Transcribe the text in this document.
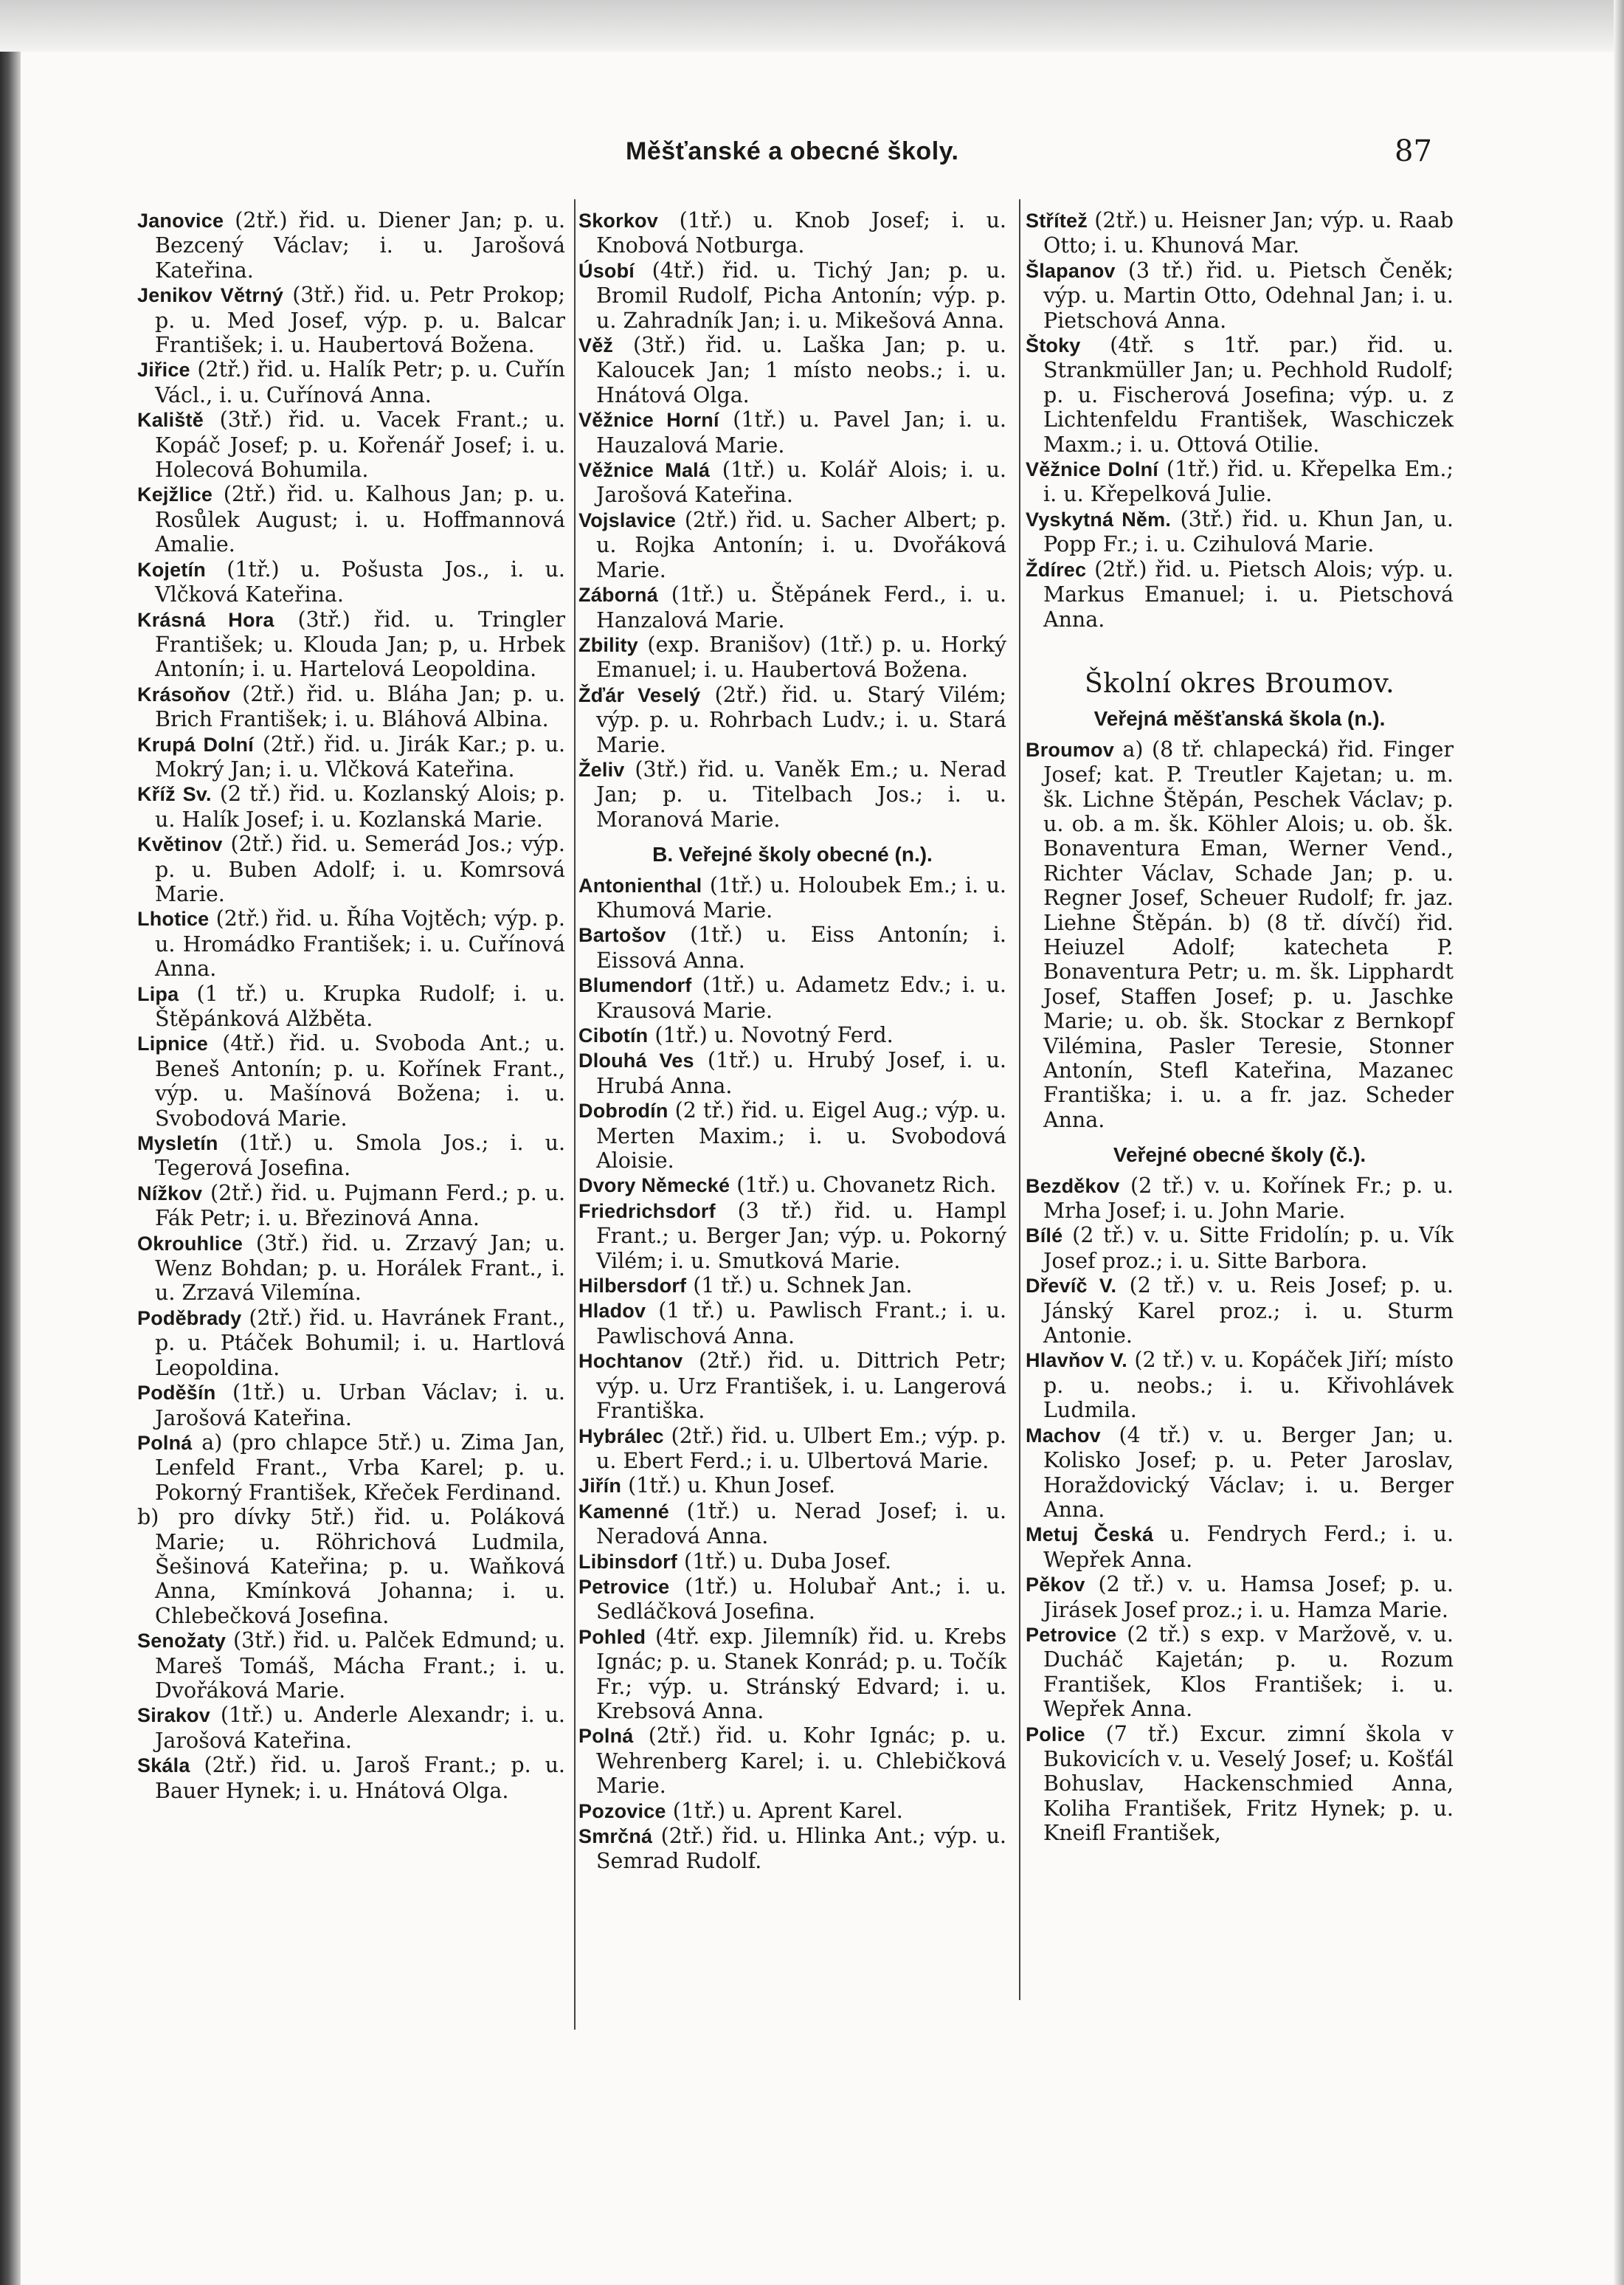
Měšťanské a obecné školy.	87

Janovice (2tř.) řid. u. Diener Jan; p. u. Bezcený Václav; i. u. Jarošová Kateřina.

Jenikov Větrný (3tř.) řid. u. Petr Prokop; p. u. Med Josef, výp. p. u. Balcar František; i. u. Haubertová Božena.

Jiřice (2tř.) řid. u. Halík Petr; p. u. Cuřín Václ., i. u. Cuřínová Anna.

Kaliště (3tř.) řid. u. Vacek Frant.; u. Kopáč Josef; p. u. Kořenář Josef; i. u. Holecová Bohumila.

Kejžlice (2tř.) řid. u. Kalhous Jan; p. u. Rosůlek August; i. u. Hoffmannová Amalie.

Kojetín (1tř.) u. Pošusta Jos., i. u. Vlčková Kateřina.

Krásná Hora (3tř.) řid. u. Tringler František; u. Klouda Jan; p, u. Hrbek Antonín; i. u. Hartelová Leopoldina.

Krásoňov (2tř.) řid. u. Bláha Jan; p. u. Brich František; i. u. Bláhová Albina.

Krupá Dolní (2tř.) řid. u. Jirák Kar.; p. u. Mokrý Jan; i. u. Vlčková Kateřina.

Kříž Sv. (2 tř.) řid. u. Kozlanský Alois; p. u. Halík Josef; i. u. Kozlanská Marie.

Květinov (2tř.) řid. u. Semerád Jos.; výp. p. u. Buben Adolf; i. u. Komrsová Marie.

Lhotice (2tř.) řid. u. Říha Vojtěch; výp. p. u. Hromádko František; i. u. Cuřínová Anna.

Lipa (1 tř.) u. Krupka Rudolf; i. u. Štěpánková Alžběta.

Lipnice (4tř.) řid. u. Svoboda Ant.; u. Beneš Antonín; p. u. Kořínek Frant., výp. u. Mašínová Božena; i. u. Svobodová Marie.

Mysletín (1tř.) u. Smola Jos.; i. u. Tegerová Josefina.

Nížkov (2tř.) řid. u. Pujmann Ferd.; p. u. Fák Petr; i. u. Březinová Anna.

Okrouhlice (3tř.) řid. u. Zrzavý Jan; u. Wenz Bohdan; p. u. Horálek Frant., i. u. Zrzavá Vilemína.

Poděbrady (2tř.) řid. u. Havránek Frant., p. u. Ptáček Bohumil; i. u. Hartlová Leopoldina.

Poděšín (1tř.) u. Urban Václav; i. u. Jarošová Kateřina.

Polná a) (pro chlapce 5tř.) u. Zima Jan, Lenfeld Frant., Vrba Karel; p. u. Pokorný František, Křeček Ferdinand.

b) pro dívky 5tř.) řid. u. Poláková Marie; u. Röhrichová Ludmila, Šešinová Kateřina; p. u. Waňková Anna, Kmínková Johanna; i. u. Chlebečková Josefina.

Senožaty (3tř.) řid. u. Palček Edmund; u. Mareš Tomáš, Mácha Frant.; i. u. Dvořáková Marie.

Sirakov (1tř.) u. Anderle Alexandr; i. u. Jarošová Kateřina.

Skála (2tř.) řid. u. Jaroš Frant.; p. u. Bauer Hynek; i. u. Hnátová Olga.

Skorkov (1tř.) u. Knob Josef; i. u. Knobová Notburga.

Úsobí (4tř.) řid. u. Tichý Jan; p. u. Bromil Rudolf, Picha Antonín; výp. p. u. Zahradník Jan; i. u. Mikešová Anna.

Věž (3tř.) řid. u. Laška Jan; p. u. Kaloucek Jan; 1 místo neobs.; i. u. Hnátová Olga.

Věžnice Horní (1tř.) u. Pavel Jan; i. u. Hauzalová Marie.

Věžnice Malá (1tř.) u. Kolář Alois; i. u. Jarošová Kateřina.

Vojslavice (2tř.) řid. u. Sacher Albert; p. u. Rojka Antonín; i. u. Dvořáková Marie.

Záborná (1tř.) u. Štěpánek Ferd., i. u. Hanzalová Marie.

Zbility (exp. Branišov) (1tř.) p. u. Horký Emanuel; i. u. Haubertová Božena.

Žďár Veselý (2tř.) řid. u. Starý Vilém; výp. p. u. Rohrbach Ludv.; i. u. Stará Marie.

Želiv (3tř.) řid. u. Vaněk Em.; u. Nerad Jan; p. u. Titelbach Jos.; i. u. Moranová Marie.

B. Veřejné školy obecné (n.).

Antonienthal (1tř.) u. Holoubek Em.; i. u. Khumová Marie.

Bartošov (1tř.) u. Eiss Antonín; i. Eissová Anna.

Blumendorf (1tř.) u. Adametz Edv.; i. u. Krausová Marie.

Cibotín (1tř.) u. Novotný Ferd.

Dlouhá Ves (1tř.) u. Hrubý Josef, i. u. Hrubá Anna.

Dobrodín (2 tř.) řid. u. Eigel Aug.; výp. u. Merten Maxim.; i. u. Svobodová Aloisie.

Dvory Německé (1tř.) u. Chovanetz Rich.

Friedrichsdorf (3 tř.) řid. u. Hampl Frant.; u. Berger Jan; výp. u. Pokorný Vilém; i. u. Smutková Marie.

Hilbersdorf (1 tř.) u. Schnek Jan.

Hladov (1 tř.) u. Pawlisch Frant.; i. u. Pawlischová Anna.

Hochtanov (2tř.) řid. u. Dittrich Petr; výp. u. Urz František, i. u. Langerová Františka.

Hybrálec (2tř.) řid. u. Ulbert Em.; výp. p. u. Ebert Ferd.; i. u. Ulbertová Marie.

Jiřín (1tř.) u. Khun Josef.

Kamenné (1tř.) u. Nerad Josef; i. u. Neradová Anna.

Libinsdorf (1tř.) u. Duba Josef.

Petrovice (1tř.) u. Holubař Ant.; i. u. Sedláčková Josefina.

Pohled (4tř. exp. Jilemník) řid. u. Krebs Ignác; p. u. Stanek Konrád; p. u. Točík Fr.; výp. u. Stránský Edvard; i. u. Krebsová Anna.

Polná (2tř.) řid. u. Kohr Ignác; p. u. Wehrenberg Karel; i. u. Chlebičková Marie.

Pozovice (1tř.) u. Aprent Karel.

Smrčná (2tř.) řid. u. Hlinka Ant.; výp. u. Semrad Rudolf.

Střítež (2tř.) u. Heisner Jan; výp. u. Raab Otto; i. u. Khunová Mar.

Šlapanov (3 tř.) řid. u. Pietsch Čeněk; výp. u. Martin Otto, Odehnal Jan; i. u. Pietschová Anna.

Štoky (4tř. s 1tř. par.) řid. u. Strankmüller Jan; u. Pechhold Rudolf; p. u. Fischerová Josefina; výp. u. z Lichtenfeldu František, Waschiczek Maxm.; i. u. Ottová Otilie.

Věžnice Dolní (1tř.) řid. u. Křepelka Em.; i. u. Křepelková Julie.

Vyskytná Něm. (3tř.) řid. u. Khun Jan, u. Popp Fr.; i. u. Czihulová Marie.

Ždírec (2tř.) řid. u. Pietsch Alois; výp. u. Markus Emanuel; i. u. Pietschová Anna.

Školní okres Broumov.
Veřejná měšťanská škola (n.).

Broumov a) (8 tř. chlapecká) řid. Finger Josef; kat. P. Treutler Kajetan; u. m. šk. Lichne Štěpán, Peschek Václav; p. u. ob. a m. šk. Köhler Alois; u. ob. šk. Bonaventura Eman, Werner Vend., Richter Václav, Schade Jan; p. u. Regner Josef, Scheuer Rudolf; fr. jaz. Liehne Štěpán. b) (8 tř. dívčí) řid. Heiuzel Adolf; katecheta P. Bonaventura Petr; u. m. šk. Lipphardt Josef, Staffen Josef; p. u. Jaschke Marie; u. ob. šk. Stockar z Bernkopf Vilémina, Pasler Teresie, Stonner Antonín, Stefl Kateřina, Mazanec Františka; i. u. a fr. jaz. Scheder Anna.

Veřejné obecné školy (č.).

Bezděkov (2 tř.) v. u. Kořínek Fr.; p. u. Mrha Josef; i. u. John Marie.

Bílé (2 tř.) v. u. Sitte Fridolín; p. u. Vík Josef proz.; i. u. Sitte Barbora.

Dřevíč V. (2 tř.) v. u. Reis Josef; p. u. Jánský Karel proz.; i. u. Sturm Antonie.

Hlavňov V. (2 tř.) v. u. Kopáček Jiří; místo p. u. neobs.; i. u. Křivohlávek Ludmila.

Machov (4 tř.) v. u. Berger Jan; u. Kolisko Josef; p. u. Peter Jaroslav, Horaždovický Václav; i. u. Berger Anna.

Metuj Česká u. Fendrych Ferd.; i. u. Wepřek Anna.

Pěkov (2 tř.) v. u. Hamsa Josef; p. u. Jirásek Josef proz.; i. u. Hamza Marie.

Petrovice (2 tř.) s exp. v Maržově, v. u. Ducháč Kajetán; p. u. Rozum František, Klos František; i. u. Wepřek Anna.

Police (7 tř.) Excur. zimní škola v Bukovicích v. u. Veselý Josef; u. Košťál Bohuslav, Hackenschmied Anna, Koliha František, Fritz Hynek; p. u. Kneifl František,
